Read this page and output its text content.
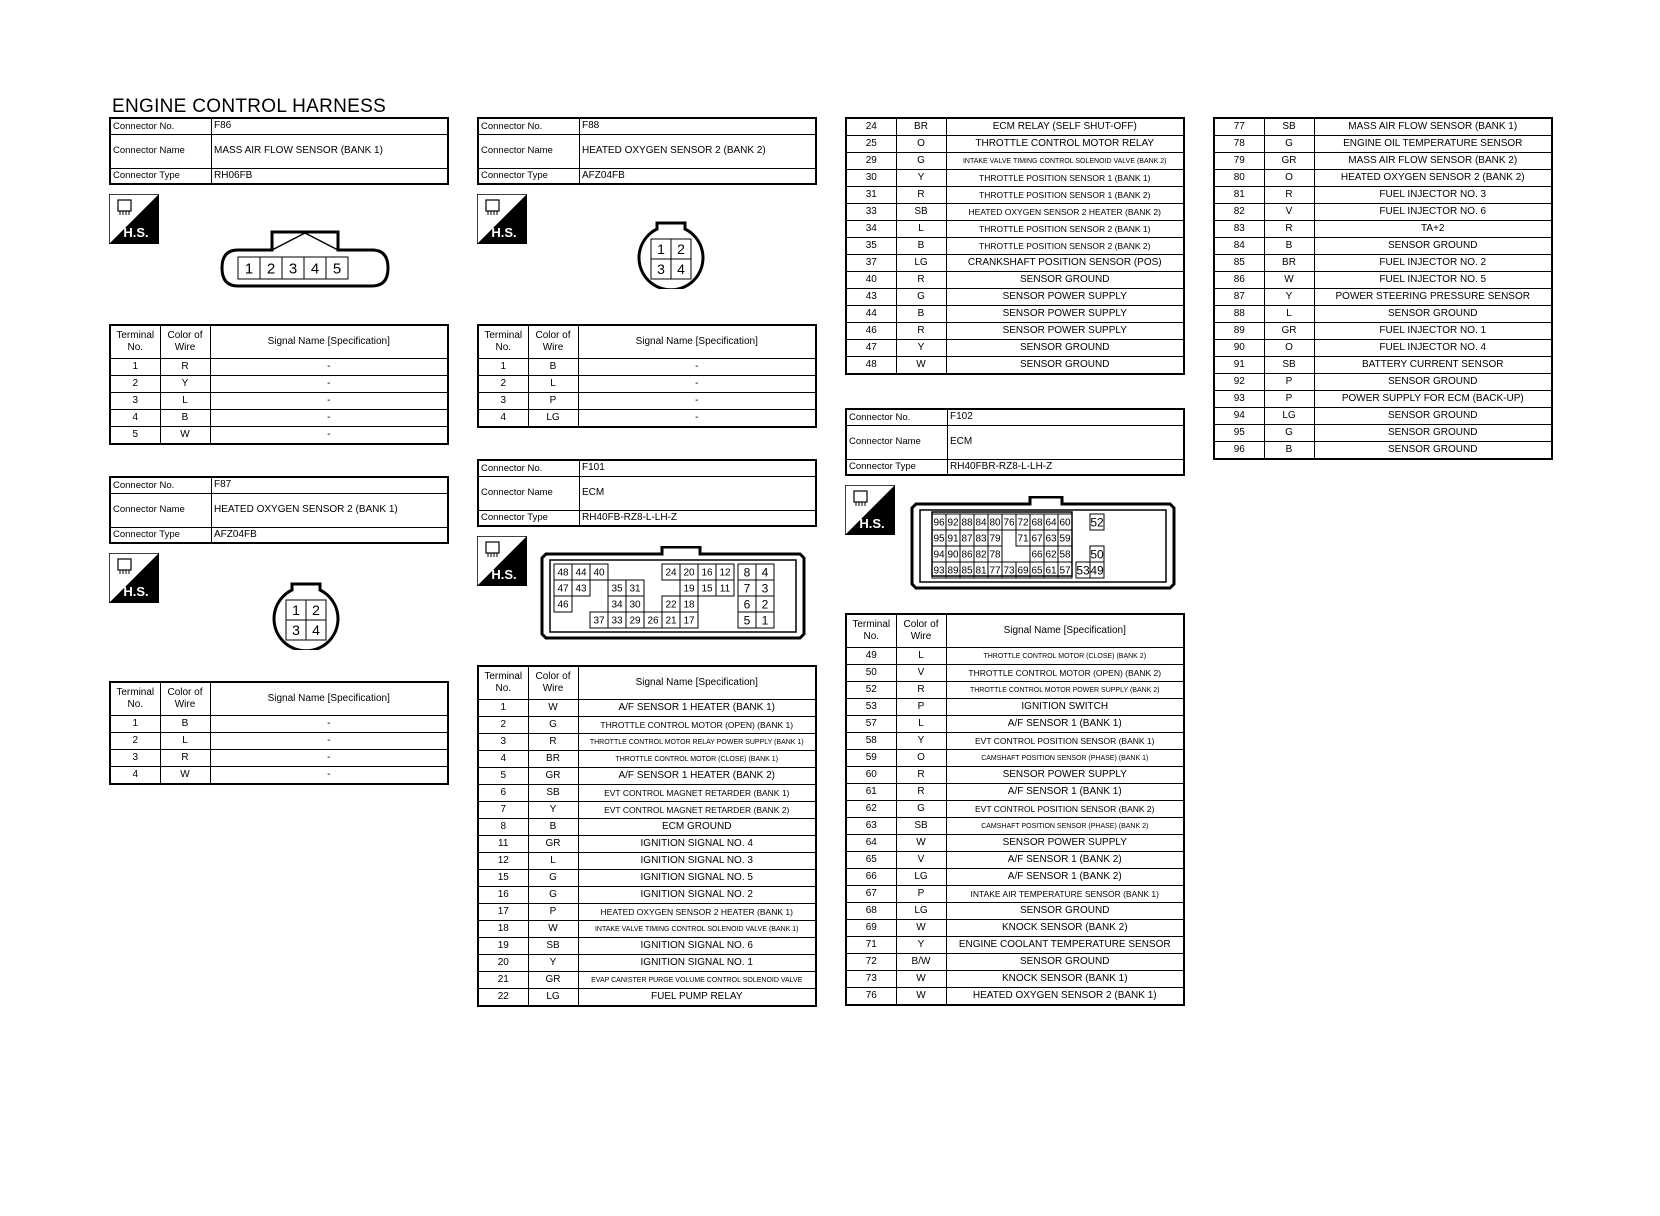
ENGINE CONTROL HARNESS
Connector No.	F86
Connector Name	MASS AIR FLOW SENSOR (BANK 1)
Connector Type	RH06FB
H.S.
1 2 3 4 5
Terminal No.	Color of Wire	Signal Name [Specification]
1	R	-
2	Y	-
3	L	-
4	B	-
5	W	-
Connector No.	F87
Connector Name	HEATED OXYGEN SENSOR 2 (BANK 1)
Connector Type	AFZ04FB
H.S.
1 2
3 4
Terminal No.	Color of Wire	Signal Name [Specification]
1	B	-
2	L	-
3	R	-
4	W	-
Connector No.	F88
Connector Name	HEATED OXYGEN SENSOR 2 (BANK 2)
Connector Type	AFZ04FB
H.S.
1 2
3 4
Terminal No.	Color of Wire	Signal Name [Specification]
1	B	-
2	L	-
3	P	-
4	LG	-
Connector No.	F101
Connector Name	ECM
Connector Type	RH40FB-RZ8-L-LH-Z
H.S.	48 44 40	24 20 16 12 8 4
47 43 35 31	19 15 11 7 3
46	34 30 22 18	6 2
37 33 29 26 21 17	5 1
Terminal No.	Color of Wire	Signal Name [Specification]
1	W	A/F SENSOR 1 HEATER (BANK 1)
2	G	THROTTLE CONTROL MOTOR (OPEN) (BANK 1)
3	R	THROTTLE CONTROL MOTOR RELAY POWER SUPPLY (BANK 1)
4	BR	THROTTLE CONTROL MOTOR (CLOSE) (BANK 1)
5	GR	A/F SENSOR 1 HEATER (BANK 2)
6	SB	EVT CONTROL MAGNET RETARDER (BANK 1)
7	Y	EVT CONTROL MAGNET RETARDER (BANK 2)
8	B	ECM GROUND
11	GR	IGNITION SIGNAL NO. 4
12	L	IGNITION SIGNAL NO. 3
15	G	IGNITION SIGNAL NO. 5
16	G	IGNITION SIGNAL NO. 2
17	P	HEATED OXYGEN SENSOR 2 HEATER (BANK 1)
18	W	INTAKE VALVE TIMING CONTROL SOLENOID VALVE (BANK 1)
19	SB	IGNITION SIGNAL NO. 6
20	Y	IGNITION SIGNAL NO. 1
21	GR	EVAP CANISTER PURGE VOLUME CONTROL SOLENOID VALVE
22	LG	FUEL PUMP RELAY
24	BR	ECM RELAY (SELF SHUT-OFF)
25	O	THROTTLE CONTROL MOTOR RELAY
29	G	INTAKE VALVE TIMING CONTROL SOLENOID VALVE (BANK 2)
30	Y	THROTTLE POSITION SENSOR 1 (BANK 1)
31	R	THROTTLE POSITION SENSOR 1 (BANK 2)
33	SB	HEATED OXYGEN SENSOR 2 HEATER (BANK 2)
34	L	THROTTLE POSITION SENSOR 2 (BANK 1)
35	B	THROTTLE POSITION SENSOR 2 (BANK 2)
37	LG	CRANKSHAFT POSITION SENSOR (POS)
40	R	SENSOR GROUND
43	G	SENSOR POWER SUPPLY
44	B	SENSOR POWER SUPPLY
46	R	SENSOR POWER SUPPLY
47	Y	SENSOR GROUND
48	W	SENSOR GROUND
Connector No.	F102
Connector Name	ECM
Connector Type	RH40FBR-RZ8-L-LH-Z
H.S.	96 92 88 84 80 76 72 68 64 60 52
95 91 87 83 79 71 67 63 59
94 90 86 82 78	66 62 58 50
93 89 85 81 77 73 69 65 61 57 53 49
Terminal No.	Color of Wire	Signal Name [Specification]
49	L	THROTTLE CONTROL MOTOR (CLOSE) (BANK 2)
50	V	THROTTLE CONTROL MOTOR (OPEN) (BANK 2)
52	R	THROTTLE CONTROL MOTOR POWER SUPPLY (BANK 2)
53	P	IGNITION SWITCH
57	L	A/F SENSOR 1 (BANK 1)
58	Y	EVT CONTROL POSITION SENSOR (BANK 1)
59	O	CAMSHAFT POSITION SENSOR (PHASE) (BANK 1)
60	R	SENSOR POWER SUPPLY
61	R	A/F SENSOR 1 (BANK 1)
62	G	EVT CONTROL POSITION SENSOR (BANK 2)
63	SB	CAMSHAFT POSITION SENSOR (PHASE) (BANK 2)
64	W	SENSOR POWER SUPPLY
65	V	A/F SENSOR 1 (BANK 2)
66	LG	A/F SENSOR 1 (BANK 2)
67	P	INTAKE AIR TEMPERATURE SENSOR (BANK 1)
68	LG	SENSOR GROUND
69	W	KNOCK SENSOR (BANK 2)
71	Y	ENGINE COOLANT TEMPERATURE SENSOR
72	B/W	SENSOR GROUND
73	W	KNOCK SENSOR (BANK 1)
76	W	HEATED OXYGEN SENSOR 2 (BANK 1)
77	SB	MASS AIR FLOW SENSOR (BANK 1)
78	G	ENGINE OIL TEMPERATURE SENSOR
79	GR	MASS AIR FLOW SENSOR (BANK 2)
80	O	HEATED OXYGEN SENSOR 2 (BANK 2)
81	R	FUEL INJECTOR NO. 3
82	V	FUEL INJECTOR NO. 6
83	R	TA+2
84	B	SENSOR GROUND
85	BR	FUEL INJECTOR NO. 2
86	W	FUEL INJECTOR NO. 5
87	Y	POWER STEERING PRESSURE SENSOR
88	L	SENSOR GROUND
89	GR	FUEL INJECTOR NO. 1
90	O	FUEL INJECTOR NO. 4
91	SB	BATTERY CURRENT SENSOR
92	P	SENSOR GROUND
93	P	POWER SUPPLY FOR ECM (BACK-UP)
94	LG	SENSOR GROUND
95	G	SENSOR GROUND
96	B	SENSOR GROUND
